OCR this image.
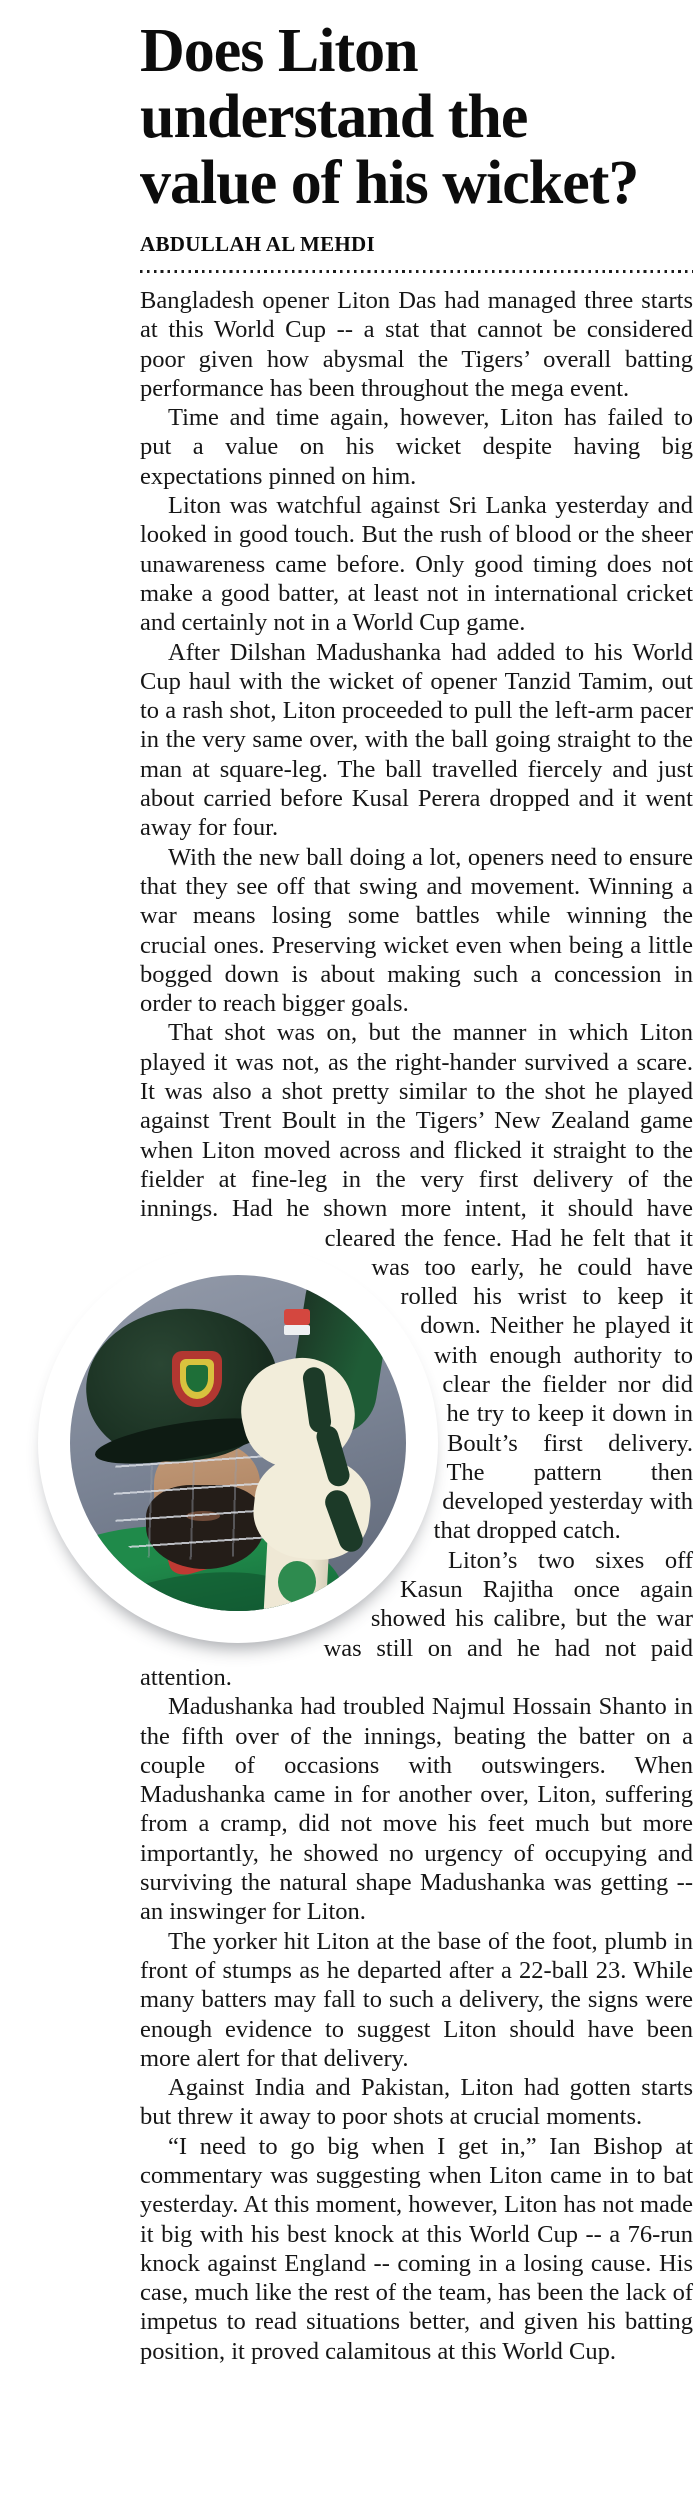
Does Liton
understand the
value of his wicket?
ABDULLAH AL MEHDI

Bangladesh opener Liton Das had managed three starts at this World Cup -- a stat that cannot be considered poor given how abysmal the Tigers’ overall batting performance has been throughout the mega event.

Time and time again, however, Liton has failed to put a value on his wicket despite having big expectations pinned on him.

Liton was watchful against Sri Lanka yesterday and looked in good touch. But the rush of blood or the sheer unawareness came before. Only good timing does not make a good batter, at least not in international cricket and certainly not in a World Cup game.

After Dilshan Madushanka had added to his World Cup haul with the wicket of opener Tanzid Tamim, out to a rash shot, Liton proceeded to pull the left-arm pacer in the very same over, with the ball going straight to the man at square-leg. The ball travelled fiercely and just about carried before Kusal Perera dropped and it went away for four.

With the new ball doing a lot, openers need to ensure that they see off that swing and movement. Winning a war means losing some battles while winning the crucial ones. Preserving wicket even when being a little bogged down is about making such a concession in order to reach bigger goals.

That shot was on, but the manner in which Liton played it was not, as the right-hander survived a scare. It was also a shot pretty similar to the shot he played against Trent Boult in the Tigers’ New Zealand game when Liton moved across and flicked it straight to the fielder at fine-leg in the very first delivery of the innings. Had he shown more intent, it should have cleared the fence. Had he felt that it was too early, he could have rolled his wrist to keep it down. Neither he played it with enough authority to clear the fielder nor did he try to keep it down in Boult’s first delivery. The pattern then developed yesterday with that dropped catch.

Liton’s two sixes off Kasun Rajitha once again showed his calibre, but the war was still on and he had not paid attention.

Madushanka had troubled Najmul Hossain Shanto in the fifth over of the innings, beating the batter on a couple of occasions with outswingers. When Madushanka came in for another over, Liton, suffering from a cramp, did not move his feet much but more importantly, he showed no urgency of occupying and surviving the natural shape Madushanka was getting -- an inswinger for Liton.

The yorker hit Liton at the base of the foot, plumb in front of stumps as he departed after a 22-ball 23. While many batters may fall to such a delivery, the signs were enough evidence to suggest Liton should have been more alert for that delivery.

Against India and Pakistan, Liton had gotten starts but threw it away to poor shots at crucial moments.

“I need to go big when I get in,” Ian Bishop at commentary was suggesting when Liton came in to bat yesterday. At this moment, however, Liton has not made it big with his best knock at this World Cup -- a 76-run knock against England -- coming in a losing cause. His case, much like the rest of the team, has been the lack of impetus to read situations better, and given his batting position, it proved calamitous at this World Cup.
